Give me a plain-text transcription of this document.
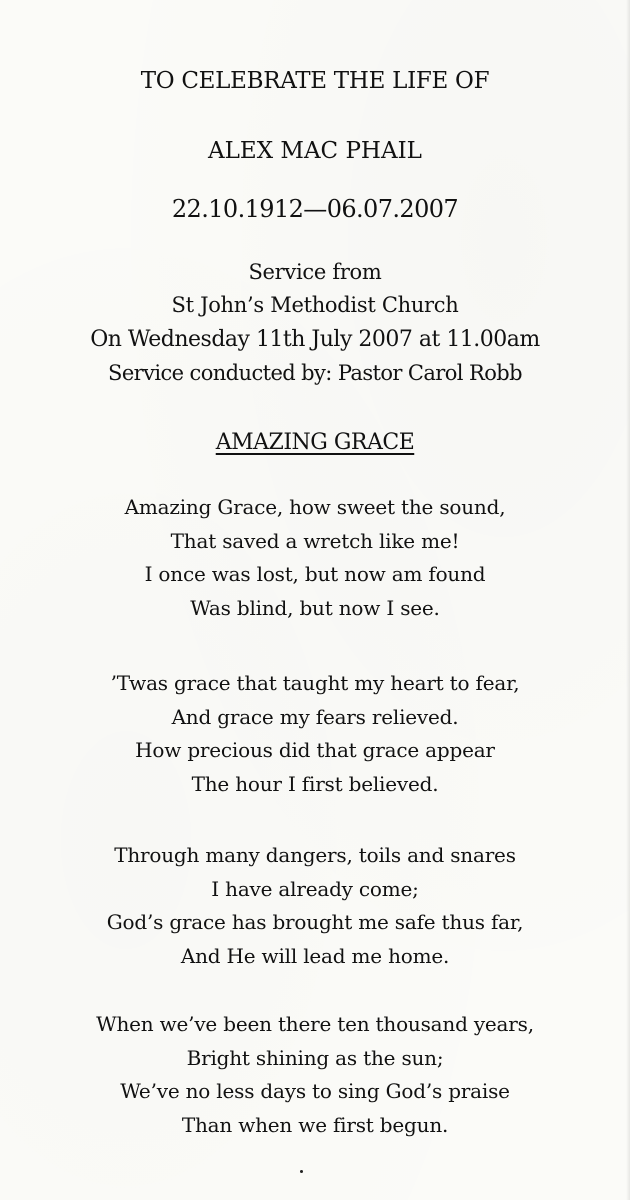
TO CELEBRATE THE LIFE OF
ALEX MAC PHAIL
22.10.1912—06.07.2007
Service from
St John’s Methodist Church
On Wednesday 11th July 2007 at 11.00am
Service conducted by: Pastor Carol Robb
AMAZING GRACE
Amazing Grace, how sweet the sound,
That saved a wretch like me!
I once was lost, but now am found
Was blind, but now I see.
’Twas grace that taught my heart to fear,
And grace my fears relieved.
How precious did that grace appear
The hour I first believed.
Through many dangers, toils and snares
I have already come;
God’s grace has brought me safe thus far,
And He will lead me home.
When we’ve been there ten thousand years,
Bright shining as the sun;
We’ve no less days to sing God’s praise
Than when we first begun.
